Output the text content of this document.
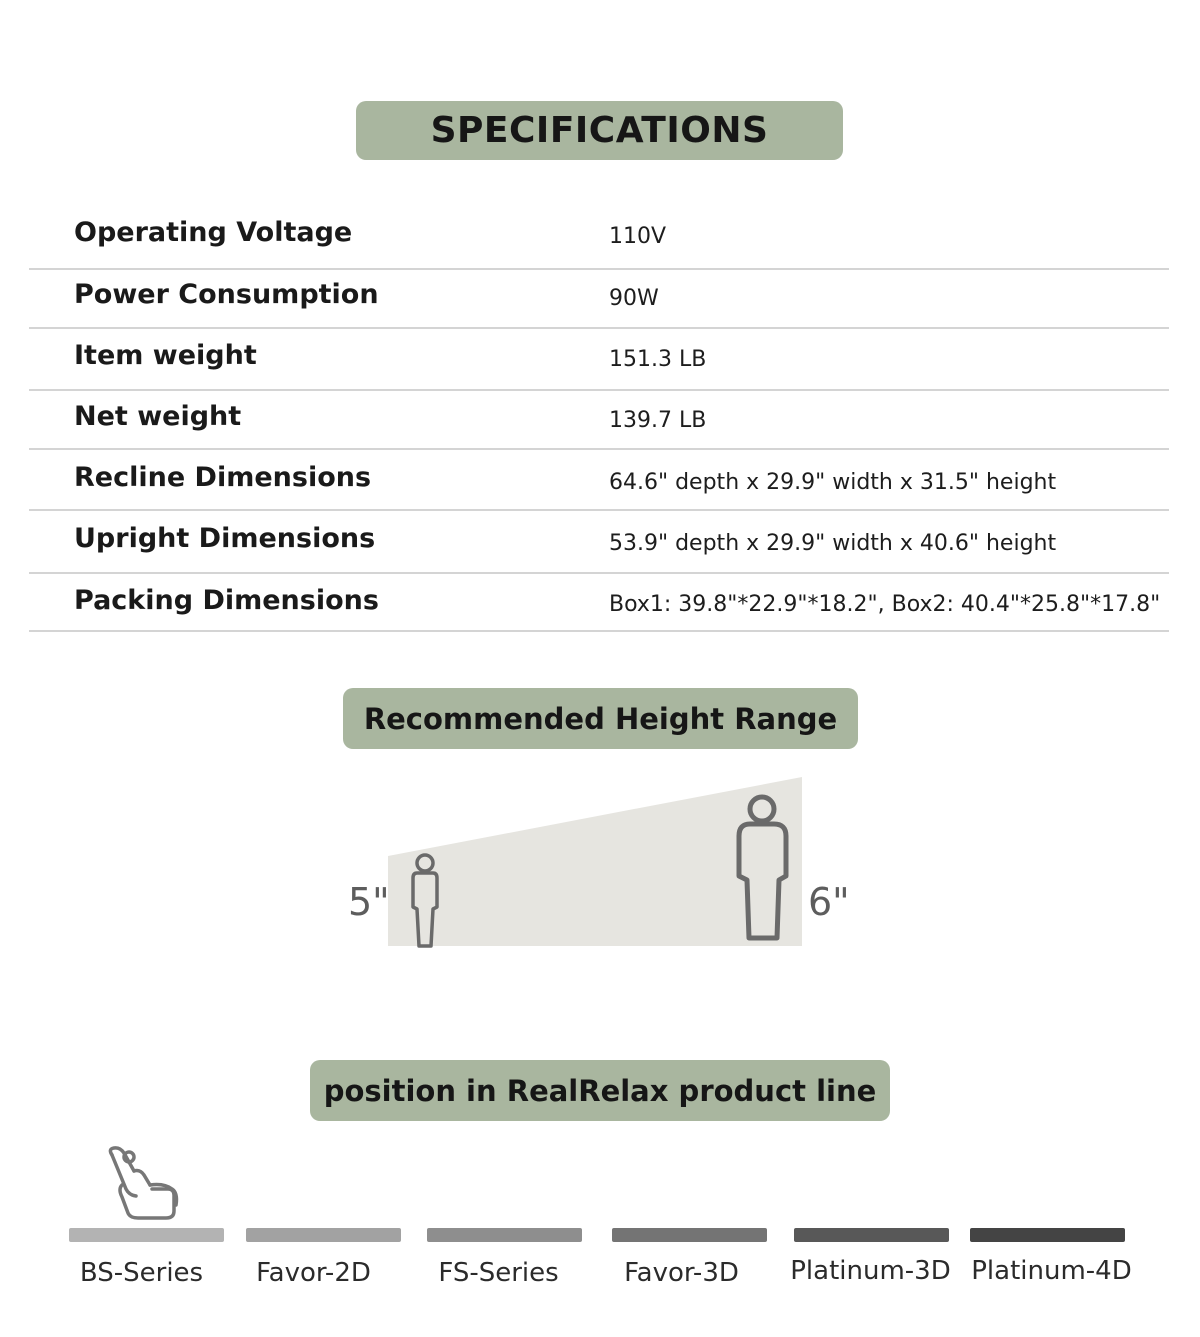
SPECIFICATIONS
Operating Voltage	110V
Power Consumption	90W
Item weight	151.3 LB
Net weight	139.7 LB
Recline Dimensions	64.6" depth x 29.9" width x 31.5" height
Upright Dimensions	53.9" depth x 29.9" width x 40.6" height
Packing Dimensions	Box1: 39.8"*22.9"*18.2", Box2: 40.4"*25.8"*17.8"
Recommended Height Range
5"	6"
position in RealRelax product line
BS-Series	Favor-2D	FS-Series	Favor-3D	Platinum-3D Platinum-4D
